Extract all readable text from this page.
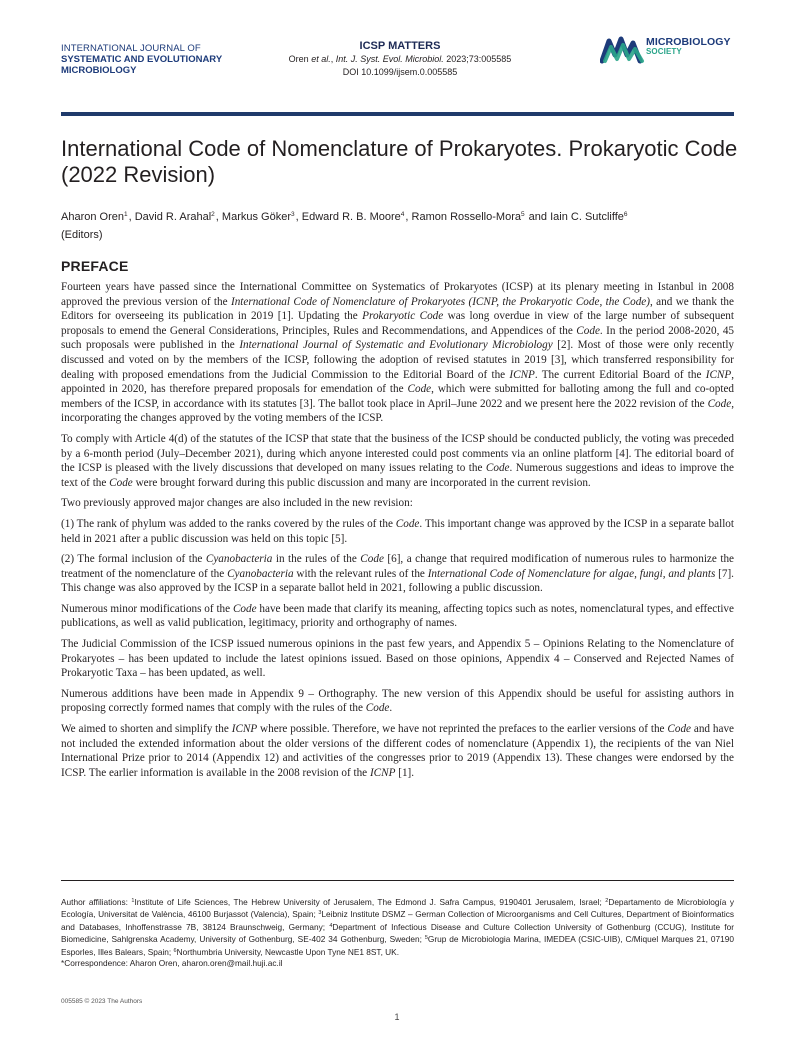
INTERNATIONAL JOURNAL OF
SYSTEMATIC AND EVOLUTIONARY
MICROBIOLOGY
ICSP MATTERS
Oren et al., Int. J. Syst. Evol. Microbiol. 2023;73:005585
DOI 10.1099/ijsem.0.005585
MICROBIOLOGY
SOCIETY
International Code of Nomenclature of Prokaryotes. Prokaryotic Code (2022 Revision)
Aharon Oren$^1$, David R. Arahal$^2$, Markus Göker$^3$, Edward R. B. Moore$^4$, Ramon Rossello-Mora$^5$ and Iain C. Sutcliffe$^6$
(Editors)
PREFACE

Fourteen years have passed since the International Committee on Systematics of Prokaryotes (ICSP) at its plenary meeting in Istanbul in 2008 approved the previous version of the International Code of Nomenclature of Prokaryotes (ICNP, the Prokaryotic Code, the Code), and we thank the Editors for overseeing its publication in 2019 [1]. Updating the Prokaryotic Code was long overdue in view of the large number of subsequent proposals to emend the General Considerations, Principles, Rules and Recommendations, and Appendices of the Code. In the period 2008-2020, 45 such proposals were published in the International Journal of Systematic and Evolutionary Microbiology [2]. Most of those were only recently discussed and voted on by the members of the ICSP, following the adoption of revised statutes in 2019 [3], which transferred responsibility for dealing with proposed emendations from the Judicial Commission to the Editorial Board of the ICNP. The current Editorial Board of the ICNP, appointed in 2020, has therefore prepared proposals for emendation of the Code, which were submitted for balloting among the full and co-opted members of the ICSP, in accordance with its statutes [3]. The ballot took place in April–June 2022 and we present here the 2022 revision of the Code, incorporating the changes approved by the voting members of the ICSP.

To comply with Article 4(d) of the statutes of the ICSP that state that the business of the ICSP should be conducted publicly, the voting was preceded by a 6-month period (July–December 2021), during which anyone interested could post comments via an online platform [4]. The editorial board of the ICSP is pleased with the lively discussions that developed on many issues relating to the Code. Numerous suggestions and ideas to improve the text of the Code were brought forward during this public discussion and many are incorporated in the current revision.

Two previously approved major changes are also included in the new revision:

(1) The rank of phylum was added to the ranks covered by the rules of the Code. This important change was approved by the ICSP in a separate ballot held in 2021 after a public discussion was held on this topic [5].

(2) The formal inclusion of the Cyanobacteria in the rules of the Code [6], a change that required modification of numerous rules to harmonize the treatment of the nomenclature of the Cyanobacteria with the relevant rules of the International Code of Nomenclature for algae, fungi, and plants [7]. This change was also approved by the ICSP in a separate ballot held in 2021, following a public discussion.

Numerous minor modifications of the Code have been made that clarify its meaning, affecting topics such as notes, nomenclatural types, and effective publications, as well as valid publication, legitimacy, priority and orthography of names.

The Judicial Commission of the ICSP issued numerous opinions in the past few years, and Appendix 5 – Opinions Relating to the Nomenclature of Prokaryotes – has been updated to include the latest opinions issued. Based on those opinions, Appendix 4 – Conserved and Rejected Names of Prokaryotic Taxa – has been updated, as well.

Numerous additions have been made in Appendix 9 – Orthography. The new version of this Appendix should be useful for assisting authors in proposing correctly formed names that comply with the rules of the Code.

We aimed to shorten and simplify the ICNP where possible. Therefore, we have not reprinted the prefaces to the earlier versions of the Code and have not included the extended information about the older versions of the different codes of nomenclature (Appendix 1), the recipients of the van Niel International Prize prior to 2014 (Appendix 12) and activities of the congresses prior to 2019 (Appendix 13). These changes were endorsed by the ICSP. The earlier information is available in the 2008 revision of the ICNP [1].

Author affiliations: $^1$Institute of Life Sciences, The Hebrew University of Jerusalem, The Edmond J. Safra Campus, 9190401 Jerusalem, Israel; $^2$Departamento de Microbiología y Ecología, Universitat de València, 46100 Burjassot (Valencia), Spain; $^3$Leibniz Institute DSMZ – German Collection of Microorganisms and Cell Cultures, Department of Bioinformatics and Databases, Inhoffenstrasse 7B, 38124 Braunschweig, Germany; $^4$Department of Infectious Disease and Culture Collection University of Gothenburg (CCUG), Institute for Biomedicine, Sahlgrenska Academy, University of Gothenburg, SE-402 34 Gothenburg, Sweden; $^5$Grup de Microbiologia Marina, IMEDEA (CSIC-UIB), C/Miquel Marques 21, 07190 Esporles, Illes Balears, Spain; $^6$Northumbria University, Newcastle Upon Tyne NE1 8ST, UK.
*Correspondence: Aharon Oren, aharon.oren@mail.huji.ac.il
005585 © 2023 The Authors
1
